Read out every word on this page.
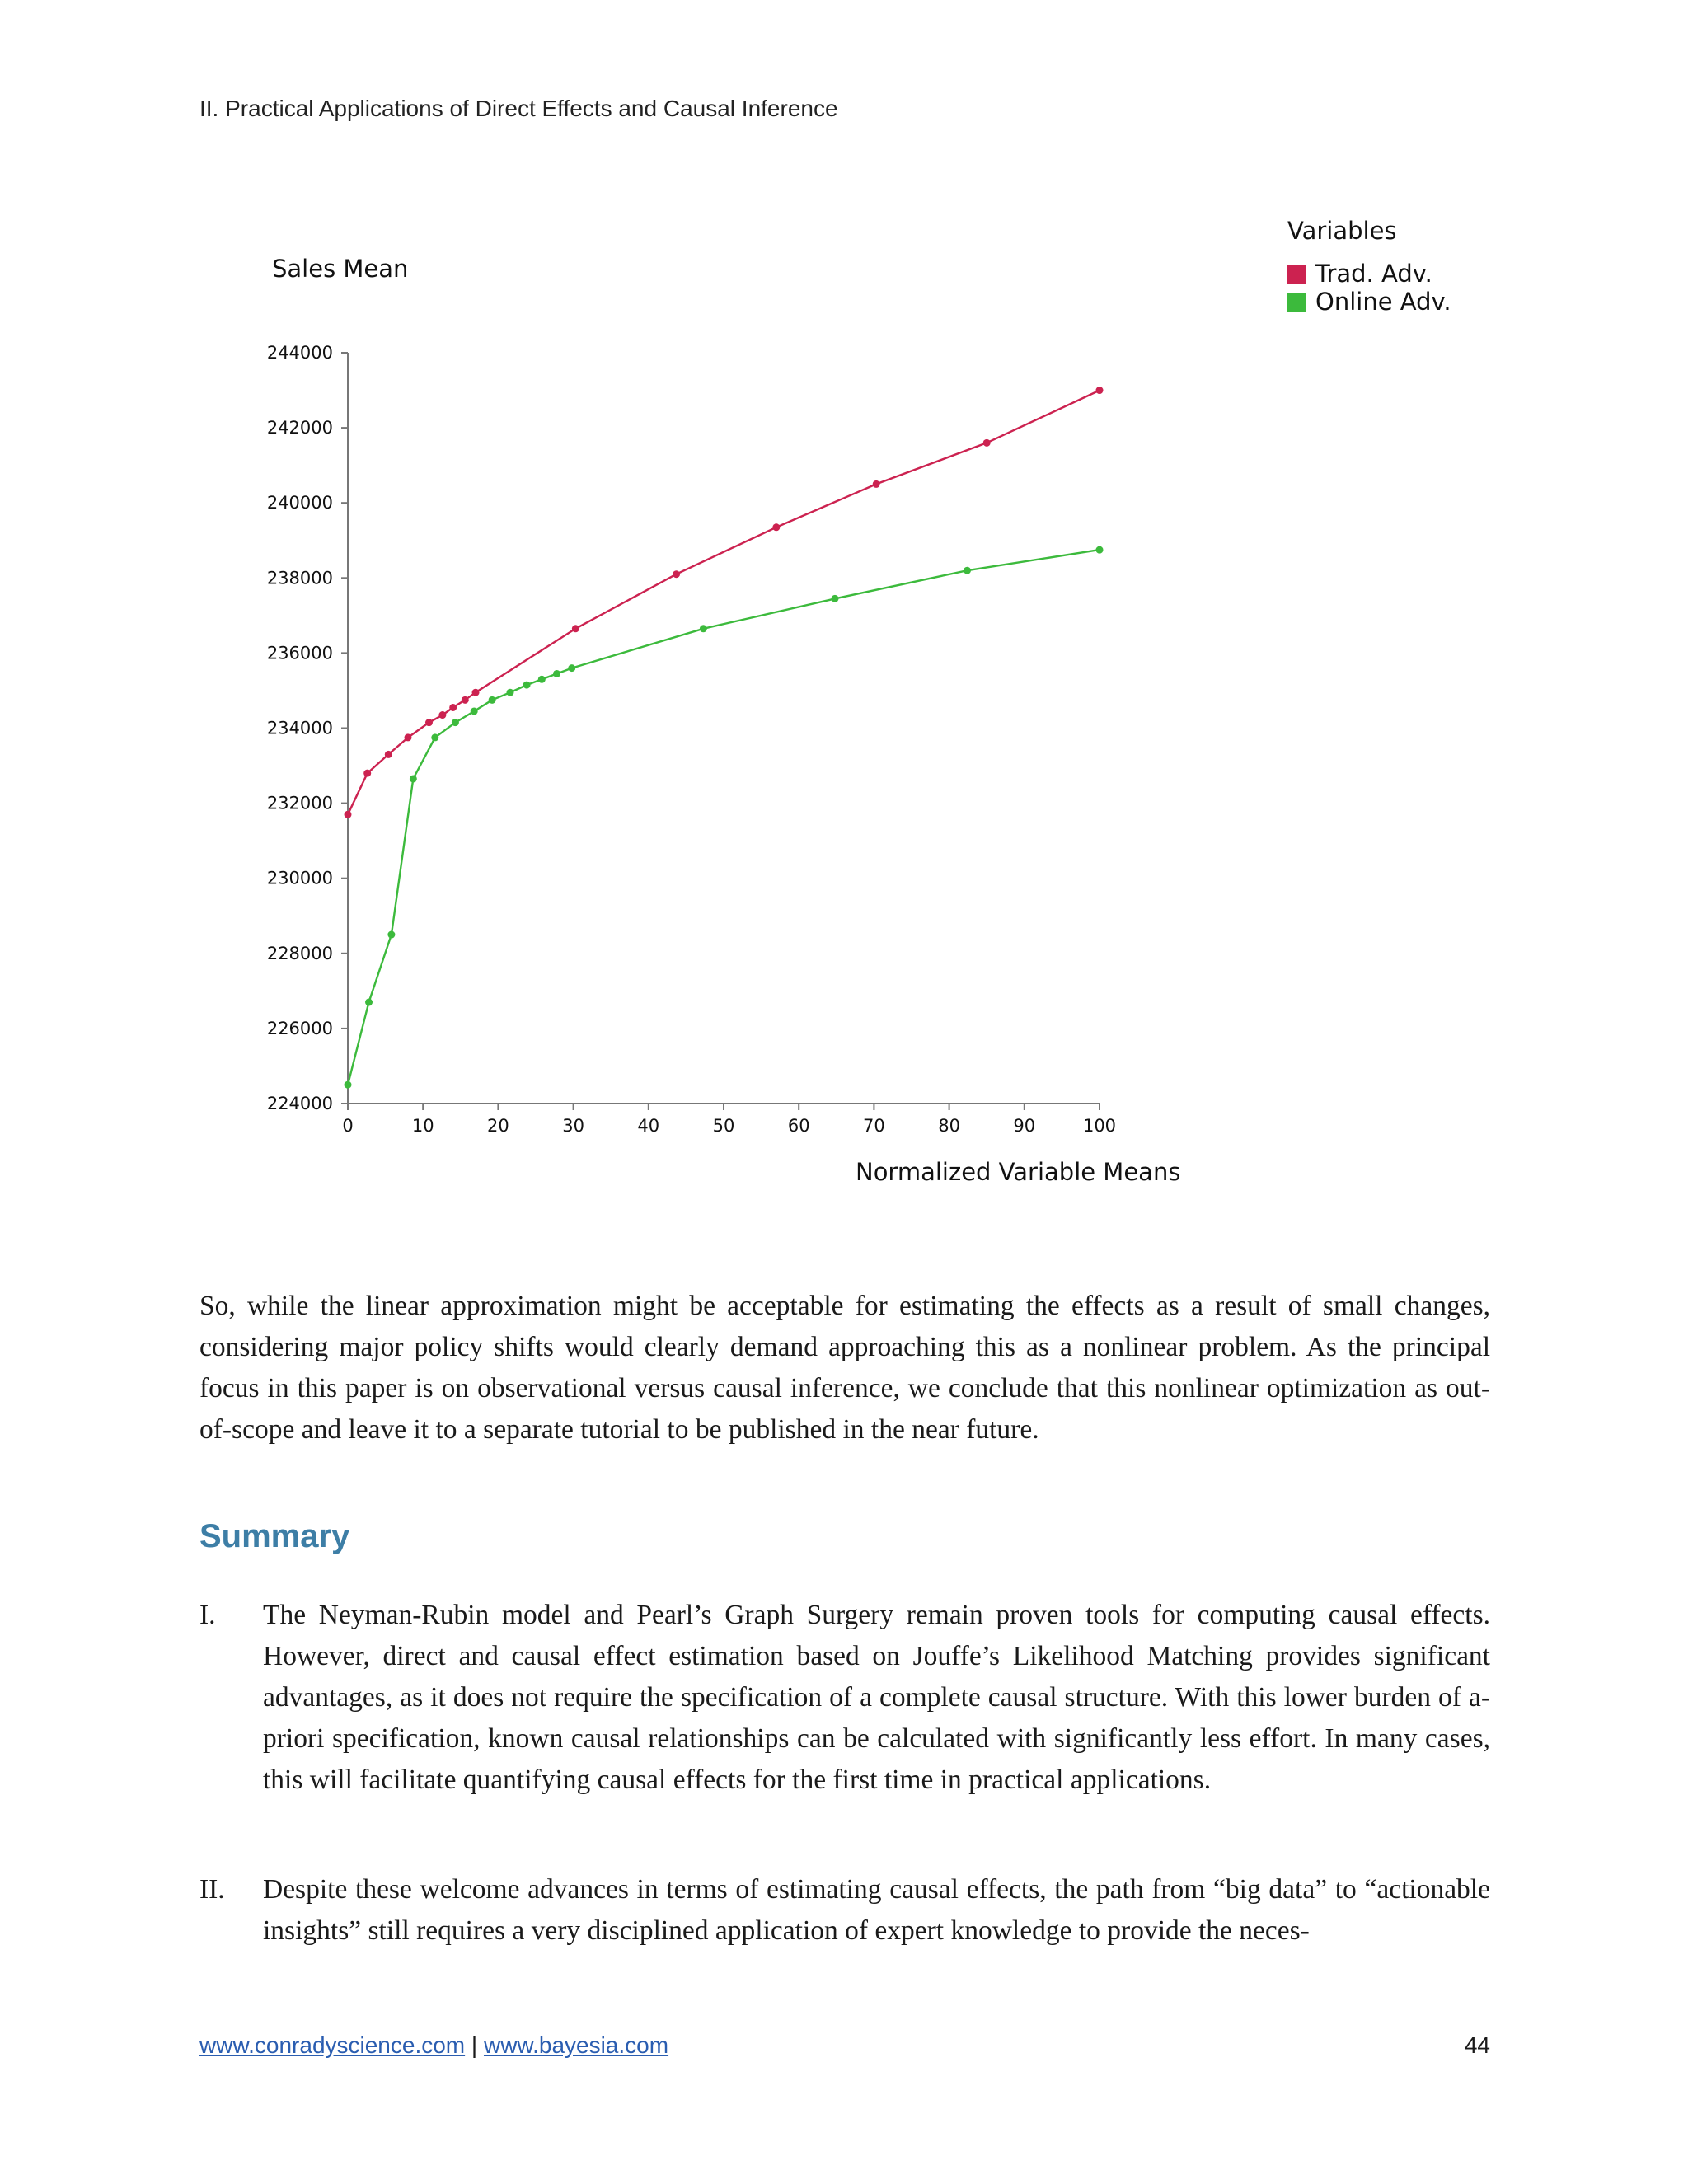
II. Practical Applications of Direct Effects and Causal Inference
Sales Mean
Normalized Variable Means
Variables
Trad. Adv.
Online Adv.
0	10	20	30	40	50	60	70	80	90	100
244000
242000
240000
238000
236000
234000
232000
230000
228000
226000
224000

So, while the linear approximation might be acceptable for estimating the effects as a result of small changes, considering major policy shifts would clearly demand approaching this as a nonlinear problem. As the principal focus in this paper is on observational versus causal inference, we conclude that this nonlinear optimization as out-of-scope and leave it to a separate tutorial to be published in the near future.

Summary
I. The Neyman-Rubin model and Pearl’s Graph Surgery remain proven tools for computing causal effects. However, direct and causal effect estimation based on Jouffe’s Likelihood Matching provides significant advantages, as it does not require the specification of a complete causal structure. With this lower burden of a-priori specification, known causal relationships can be calculated with significantly less effort. In many cases, this will facilitate quantifying causal effects for the first time in practical applications.

II. Despite these welcome advances in terms of estimating causal effects, the path from “big data” to “actionable insights” still requires a very disciplined application of expert knowledge to provide the neces-

www.conradyscience.com | www.bayesia.com	44
